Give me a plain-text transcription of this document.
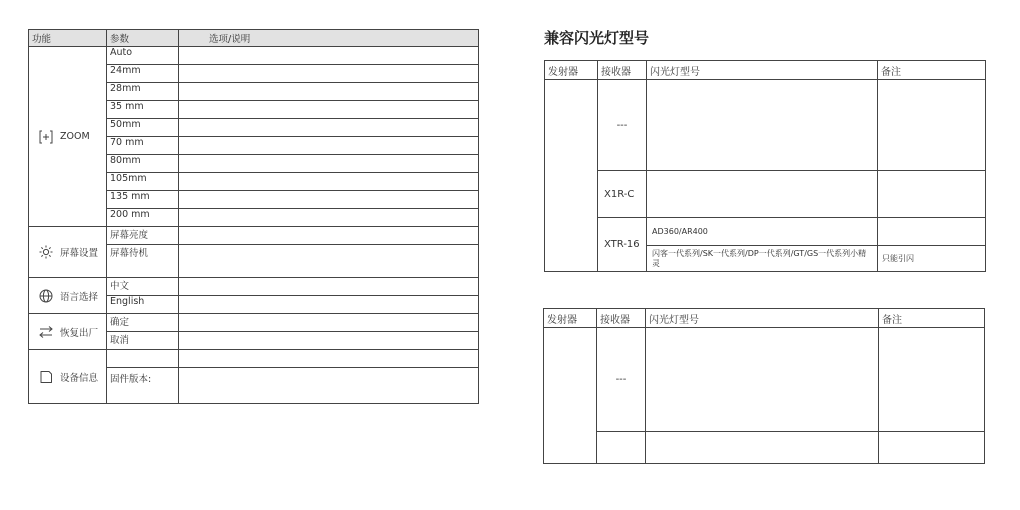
功能	参数	选项/说明

ZOOM	Auto	
	24mm	
	28mm	
	35 mm	
	50mm	
	70 mm	
	80mm	
	105mm	
	135 mm	
	200 mm	

屏幕设置	屏幕亮度	
	屏幕待机	

语言选择	中文	
	English	

恢复出厂	确定	
	取消	

设备信息		

	固件版本:	
兼容闪光灯型号
发射器	接收器	闪光灯型号	备注
	---		
	X1R-C		
	XTR-16	AD360/AR400	
		闪客一代系列/SK一代系列/DP一代系列/GT/GS一代系列小精灵	只能引闪
发射器	接收器	闪光灯型号	备注
	---		
